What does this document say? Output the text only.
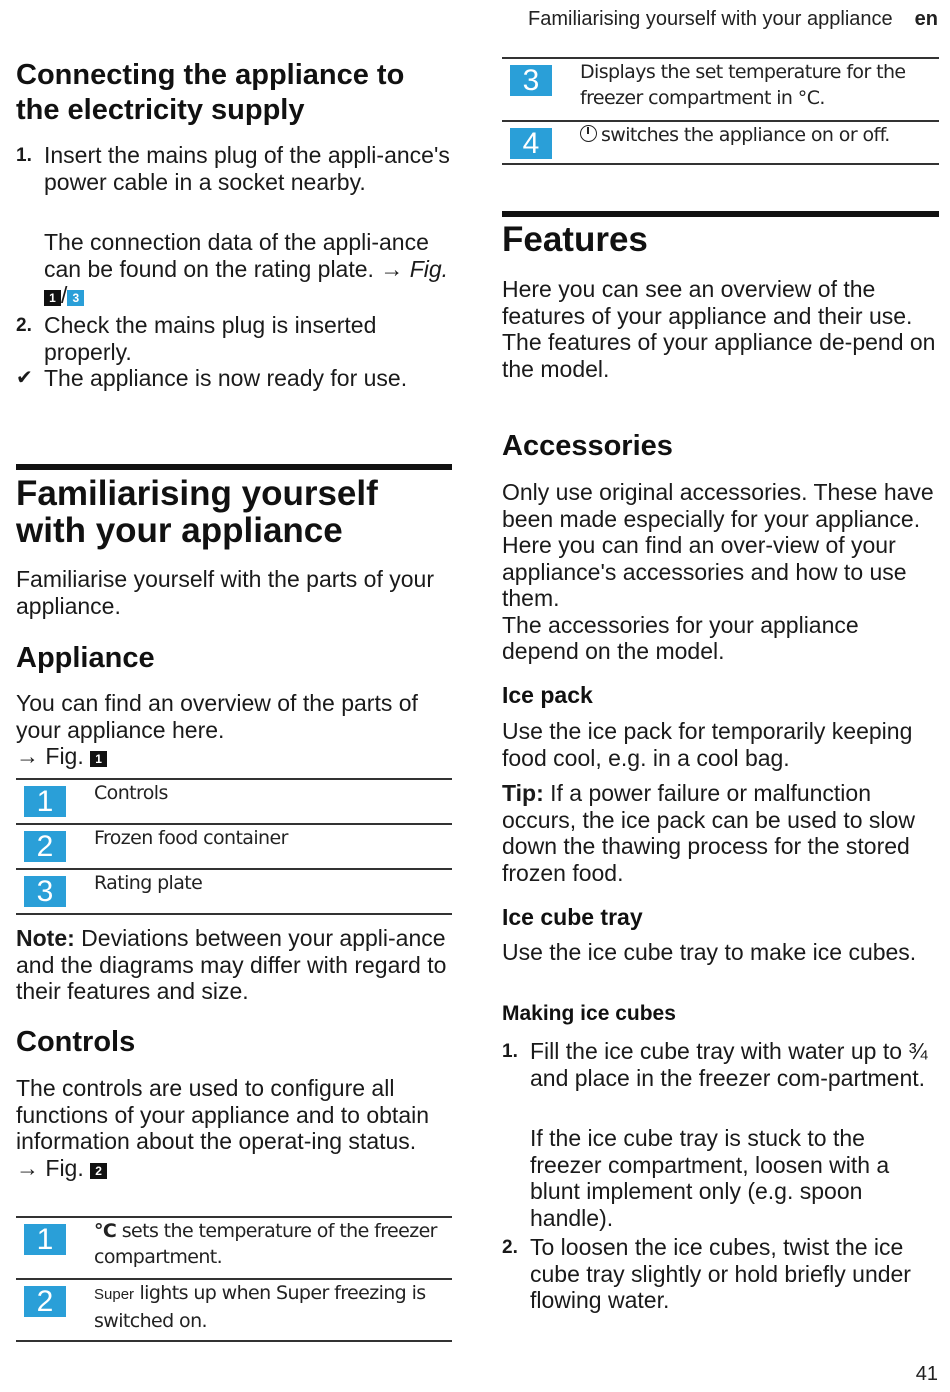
Familiarising yourself with your appliance en
Connecting the appliance to the electricity supply
1. Insert the mains plug of the appli-ance's power cable in a socket nearby.
The connection data of the appli-ance can be found on the rating plate. → Fig. 1 / 3
2. Check the mains plug is inserted properly.
✔ The appliance is now ready for use.
Familiarising yourself with your appliance

Familiarise yourself with the parts of your appliance.

Appliance

You can find an overview of the parts of your appliance here.
→ Fig. 1

1	Controls

2	Frozen food container

3	Rating plate

Note: Deviations between your appli-ance and the diagrams may differ with regard to their features and size.

Controls

The controls are used to configure all functions of your appliance and to obtain information about the operat-ing status.
→ Fig. 2

1	°C sets the temperature of the freezer compartment.

2	Super lights up when Super freezing is switched on.
3	Displays the set temperature for the freezer compartment in °C.

4	switches the appliance on or off.
Features

Here you can see an overview of the features of your appliance and their use.

The features of your appliance de-pend on the model.

Accessories

Only use original accessories. These have been made especially for your appliance. Here you can find an over-view of your appliance's accessories and how to use them.

The accessories for your appliance depend on the model.

Ice pack

Use the ice pack for temporarily keeping food cool, e.g. in a cool bag.

Tip: If a power failure or malfunction occurs, the ice pack can be used to slow down the thawing process for the stored frozen food.

Ice cube tray

Use the ice cube tray to make ice cubes.

Making ice cubes
1. Fill the ice cube tray with water up to ¾ and place in the freezer com-partment.
If the ice cube tray is stuck to the freezer compartment, loosen with a blunt implement only (e.g. spoon handle).
2. To loosen the ice cubes, twist the ice cube tray slightly or hold briefly under flowing water.
41
